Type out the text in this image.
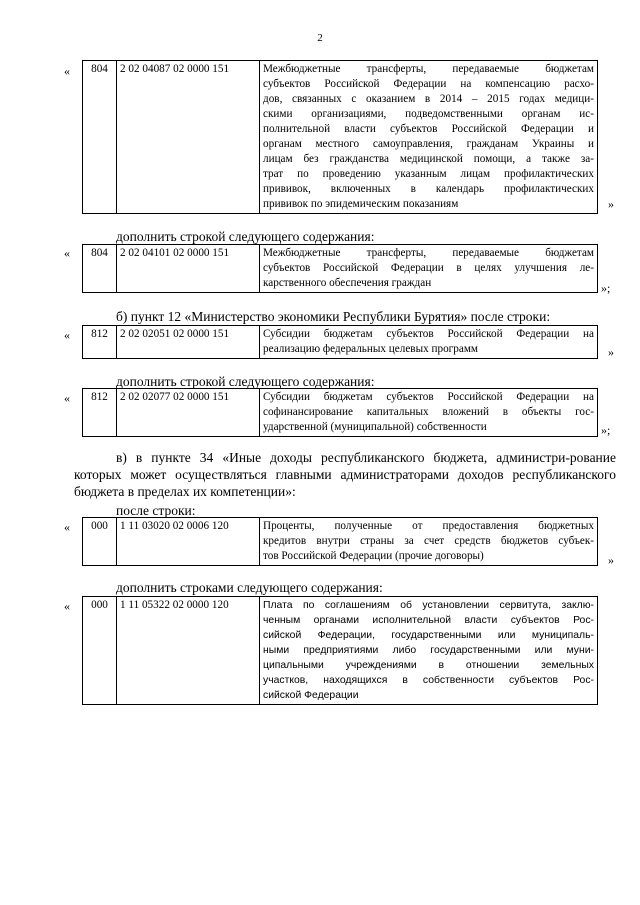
2
« 804	2 02 04087 02 0000 151	Межбюджетные трансферты, передаваемые бюджетам
субъектов Российской Федерации на компенсацию расхо-
дов, связанных с оказанием в 2014 – 2015 годах медици-
скими организациями, подведомственными органам ис-
полнительной власти субъектов Российской Федерации и
органам местного самоуправления, гражданам Украины и
лицам без гражданства медицинской помощи, а также за-
трат по проведению указанным лицам профилактических
прививок, включенных в календарь профилактических
прививок по эпидемическим показаниям	»
дополнить строкой следующего содержания:
« 804	2 02 04101 02 0000 151	Межбюджетные трансферты, передаваемые бюджетам
субъектов Российской Федерации в целях улучшения ле-
карственного обеспечения граждан	»;
б) пункт 12 «Министерство экономики Республики Бурятия» после строки:
« 812	2 02 02051 02 0000 151	Субсидии бюджетам субъектов Российской Федерации на
реализацию федеральных целевых программ	»
дополнить строкой следующего содержания:
« 812	2 02 02077 02 0000 151	Субсидии бюджетам субъектов Российской Федерации на
софинансирование капитальных вложений в объекты гос-
ударственной (муниципальной) собственности	»;
в) в пункте 34 «Иные доходы республиканского бюджета, администри-рование которых может осуществляться главными администраторами доходов республиканского бюджета в пределах их компетенции»:
после строки:
« 000	1 11 03020 02 0006 120	Проценты, полученные от предоставления бюджетных
кредитов внутри страны за счет средств бюджетов субъек-
тов Российской Федерации (прочие договоры)	»
дополнить строками следующего содержания:
« 000	1 11 05322 02 0000 120	Плата по соглашениям об установлении сервитута, заклю-
ченным органами исполнительной власти субъектов Рос-
сийской Федерации, государственными или муниципаль-
ными предприятиями либо государственными или муни-
ципальными учреждениями в отношении земельных
участков, находящихся в собственности субъектов Рос-
сийской Федерации
